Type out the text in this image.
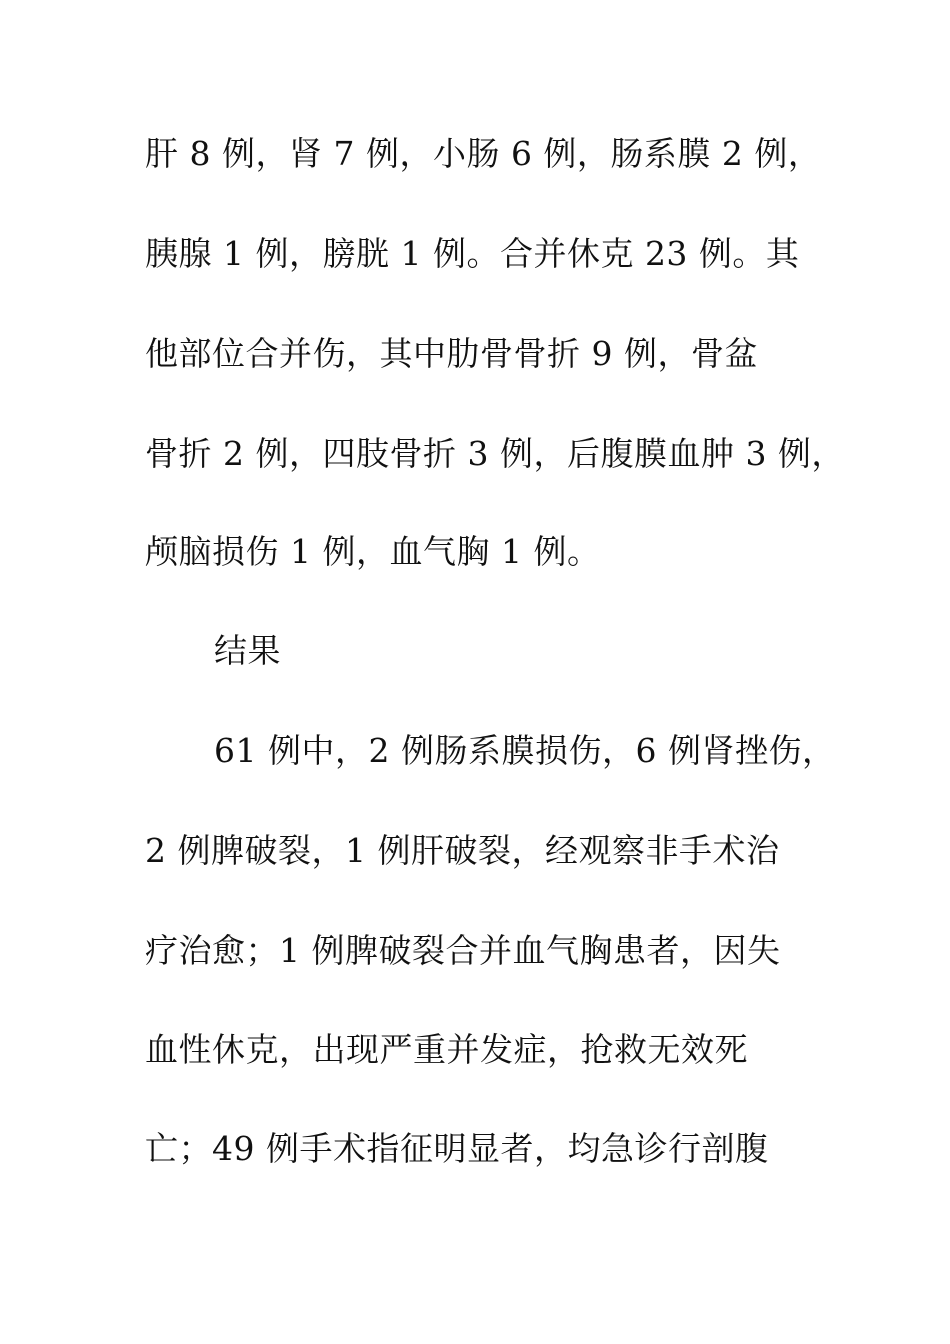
肝 8 例，肾 7 例，小肠 6 例，肠系膜 2 例，
胰腺 1 例，膀胱 1 例。合并休克 23 例。其
他部位合并伤，其中肋骨骨折 9 例，骨盆
骨折 2 例，四肢骨折 3 例，后腹膜血肿 3 例，
颅脑损伤 1 例，血气胸 1 例。
结果
61 例中，2 例肠系膜损伤，6 例肾挫伤，
2 例脾破裂，1 例肝破裂，经观察非手术治
疗治愈；1 例脾破裂合并血气胸患者，因失
血性休克，出现严重并发症，抢救无效死
亡；49 例手术指征明显者，均急诊行剖腹
